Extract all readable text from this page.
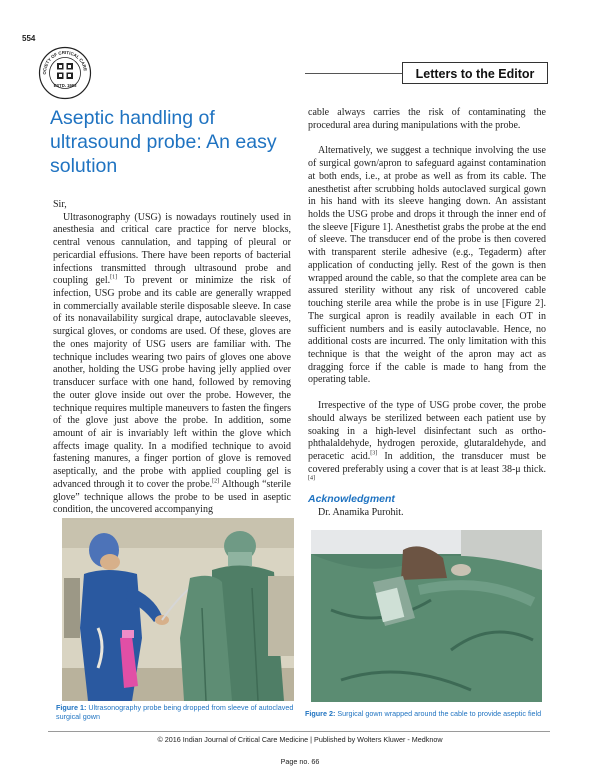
554
OCIETY OF CRITICAL CARE
ESTD. 1993
Letters to the Editor
Aseptic handling of ultrasound probe: An easy solution

Sir,

Ultrasonography (USG) is nowadays routinely used in anesthesia and critical care practice for nerve blocks, central venous cannulation, and tapping of pleural or pericardial effusions. There have been reports of bacterial infections transmitted through ultrasound probe and coupling gel.[1] To prevent or minimize the risk of infection, USG probe and its cable are generally wrapped in commercially available sterile disposable sleeve. In case of its nonavailability surgical drape, autoclavable sleeves, surgical gloves, or condoms are used. Of these, gloves are the ones majority of USG users are familiar with. The technique includes wearing two pairs of gloves one above another, holding the USG probe having jelly applied over transducer surface with one hand, followed by removing the outer glove inside out over the probe. However, the technique requires multiple maneuvers to fasten the fingers of the glove just above the probe. In addition, some amount of air is invariably left within the glove which affects image quality. In a modified technique to avoid fastening manures, a finger portion of glove is removed aseptically, and the probe with applied coupling gel is advanced through it to cover the probe.[2] Although “sterile glove” technique allows the probe to be used in aseptic condition, the uncovered accompanying

cable always carries the risk of contaminating the procedural area during manipulations with the probe.

Alternatively, we suggest a technique involving the use of surgical gown/apron to safeguard against contamination at both ends, i.e., at probe as well as from its cable. The anesthetist after scrubbing holds autoclaved surgical gown in his hand with its sleeve hanging down. An assistant holds the USG probe and drops it through the inner end of the sleeve [Figure 1]. Anesthetist grabs the probe at the end of sleeve. The transducer end of the probe is then covered with transparent sterile adhesive (e.g., Tegaderm) after application of conducting jelly. Rest of the gown is then wrapped around the cable, so that the complete area can be assured sterility without any risk of uncovered cable touching sterile area while the probe is in use [Figure 2]. The surgical apron is readily available in each OT in sufficient numbers and is easily autoclavable. Hence, no additional costs are incurred. The only limitation with this technique is that the weight of the apron may act as dragging force if the cable is made to hang from the operating table.

Irrespective of the type of USG probe cover, the probe should always be sterilized between each patient use by soaking in a high-level disinfectant such as ortho-phthalaldehyde, hydrogen peroxide, glutaraldehyde, and peracetic acid.[3] In addition, the transducer must be covered preferably using a cover that is at least 38-μ thick.[4]

Acknowledgment
Dr. Anamika Purohit.
Figure 1: Ultrasonography probe being dropped from sleeve of autoclaved surgical gown	Figure 2: Surgical gown wrapped around the cable to provide aseptic field
© 2016 Indian Journal of Critical Care Medicine | Published by Wolters Kluwer - Medknow
Page no. 66
